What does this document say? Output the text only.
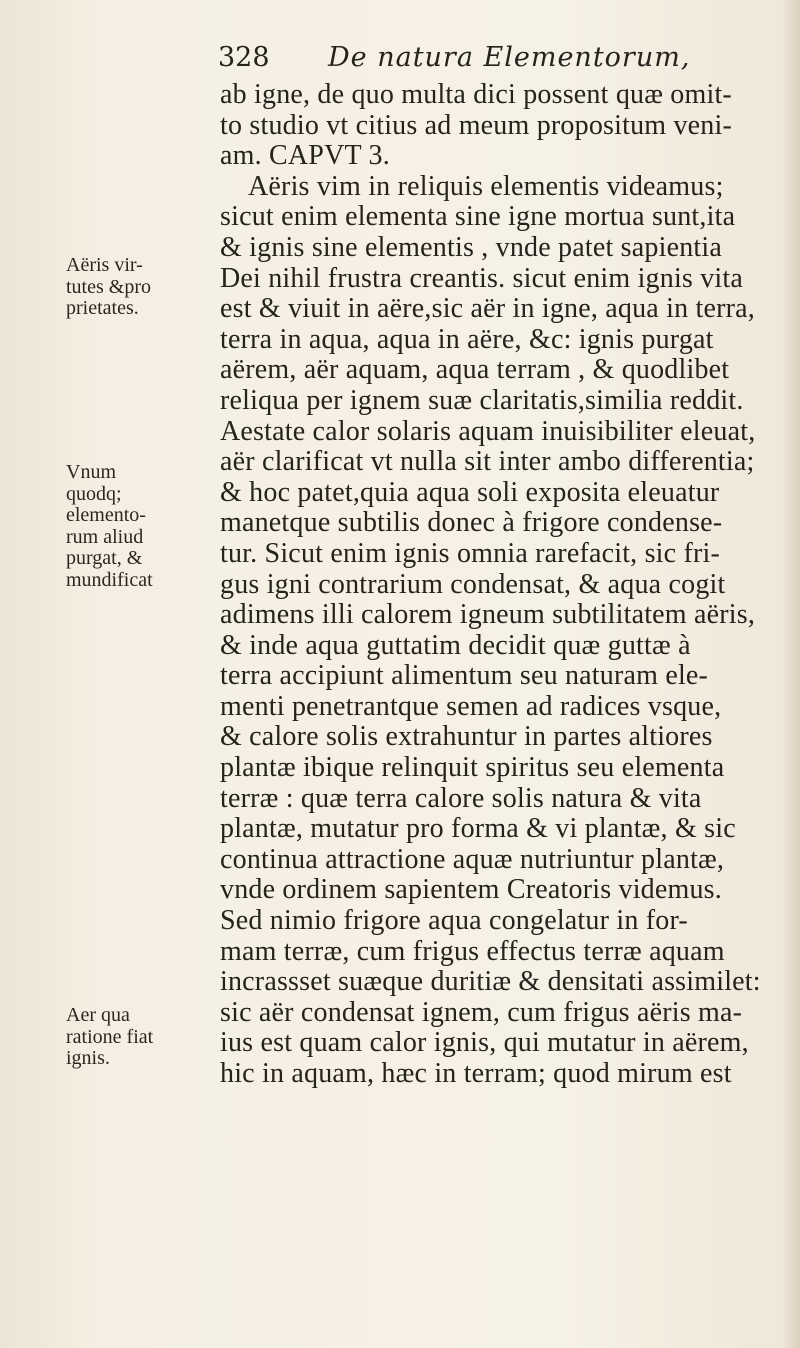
328 De natura Elementorum,
Aëris vir-
tutes &pro
prietates.
Vnum
quodq;
elemento-
rum aliud
purgat, &
mundificat
Aer qua
ratione fiat
ignis.
ab igne, de quo multa dici possent quæ omit-
to studio vt citius ad meum propositum veni-
am. CAPVT 3.
Aëris vim in reliquis elementis videamus;
sicut enim elementa sine igne mortua sunt,ita
& ignis sine elementis , vnde patet sapientia
Dei nihil frustra creantis. sicut enim ignis vita
est & viuit in aëre,sic aër in igne, aqua in terra,
terra in aqua, aqua in aëre, &c: ignis purgat
aërem, aër aquam, aqua terram , & quodlibet
reliqua per ignem suæ claritatis,similia reddit.
Aestate calor solaris aquam inuisibiliter eleuat,
aër clarificat vt nulla sit inter ambo differentia;
& hoc patet,quia aqua soli exposita eleuatur
manetque subtilis donec à frigore condense-
tur. Sicut enim ignis omnia rarefacit, sic fri-
gus igni contrarium condensat, & aqua cogit
adimens illi calorem igneum subtilitatem aëris,
& inde aqua guttatim decidit quæ guttæ à
terra accipiunt alimentum seu naturam ele-
menti penetrantque semen ad radices vsque,
& calore solis extrahuntur in partes altiores
plantæ ibique relinquit spiritus seu elementa
terræ : quæ terra calore solis natura & vita
plantæ, mutatur pro forma & vi plantæ, & sic
continua attractione aquæ nutriuntur plantæ,
vnde ordinem sapientem Creatoris videmus.
Sed nimio frigore aqua congelatur in for-
mam terræ, cum frigus effectus terræ aquam
incrassset suæque duritiæ & densitati assimilet:
sic aër condensat ignem, cum frigus aëris ma-
ius est quam calor ignis, qui mutatur in aërem,
hic in aquam, hæc in terram; quod mirum est
